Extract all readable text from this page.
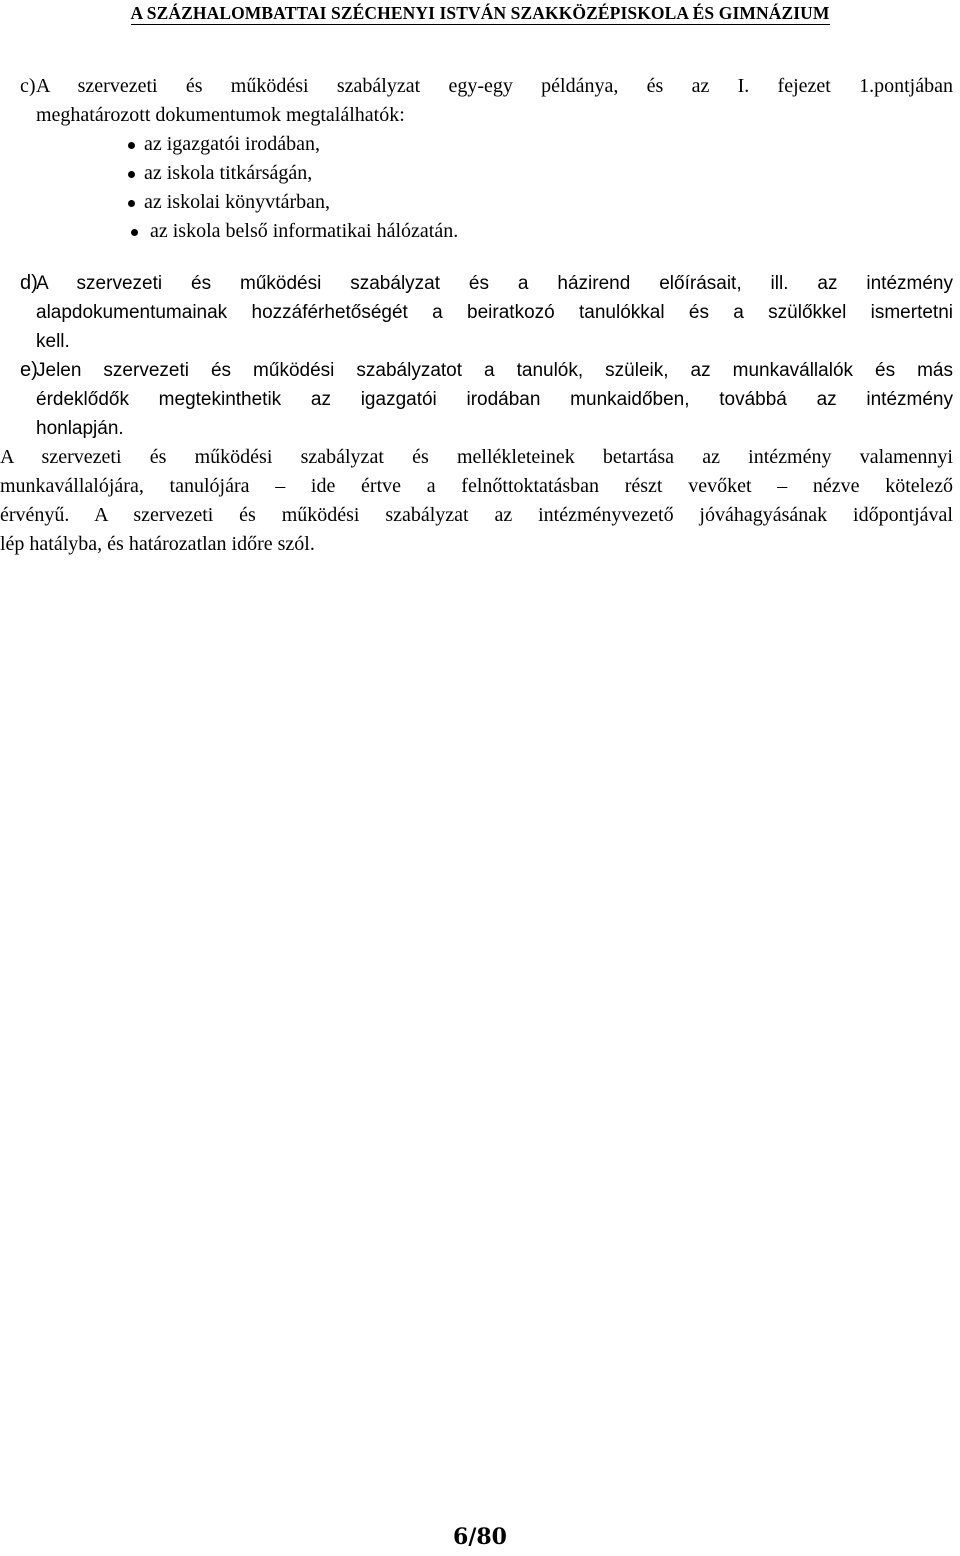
A SZÁZHALOMBATTAI SZÉCHENYI ISTVÁN SZAKKÖZÉPISKOLA ÉS GIMNÁZIUM
c) A szervezeti és működési szabályzat egy-egy példánya, és az I. fejezet 1.pontjában
meghatározott dokumentumok megtalálhatók:
az igazgatói irodában,
az iskola titkárságán,
az iskolai könyvtárban,
az iskola belső informatikai hálózatán.
d)
A szervezeti és működési szabályzat és a házirend előírásait, ill. az intézmény
alapdokumentumainak hozzáférhetőségét a beiratkozó tanulókkal és a szülőkkel ismertetni
kell.
e)
Jelen szervezeti és működési szabályzatot a tanulók, szüleik, az munkavállalók és más
érdeklődők megtekinthetik az igazgatói irodában munkaidőben, továbbá az intézmény
honlapján.
A szervezeti és működési szabályzat és mellékleteinek betartása az intézmény valamennyi
munkavállalójára, tanulójára – ide értve a felnőttoktatásban részt vevőket – nézve kötelező
érvényű. A szervezeti és működési szabályzat az intézményvezető jóváhagyásának időpontjával
lép hatályba, és határozatlan időre szól.
6/80
